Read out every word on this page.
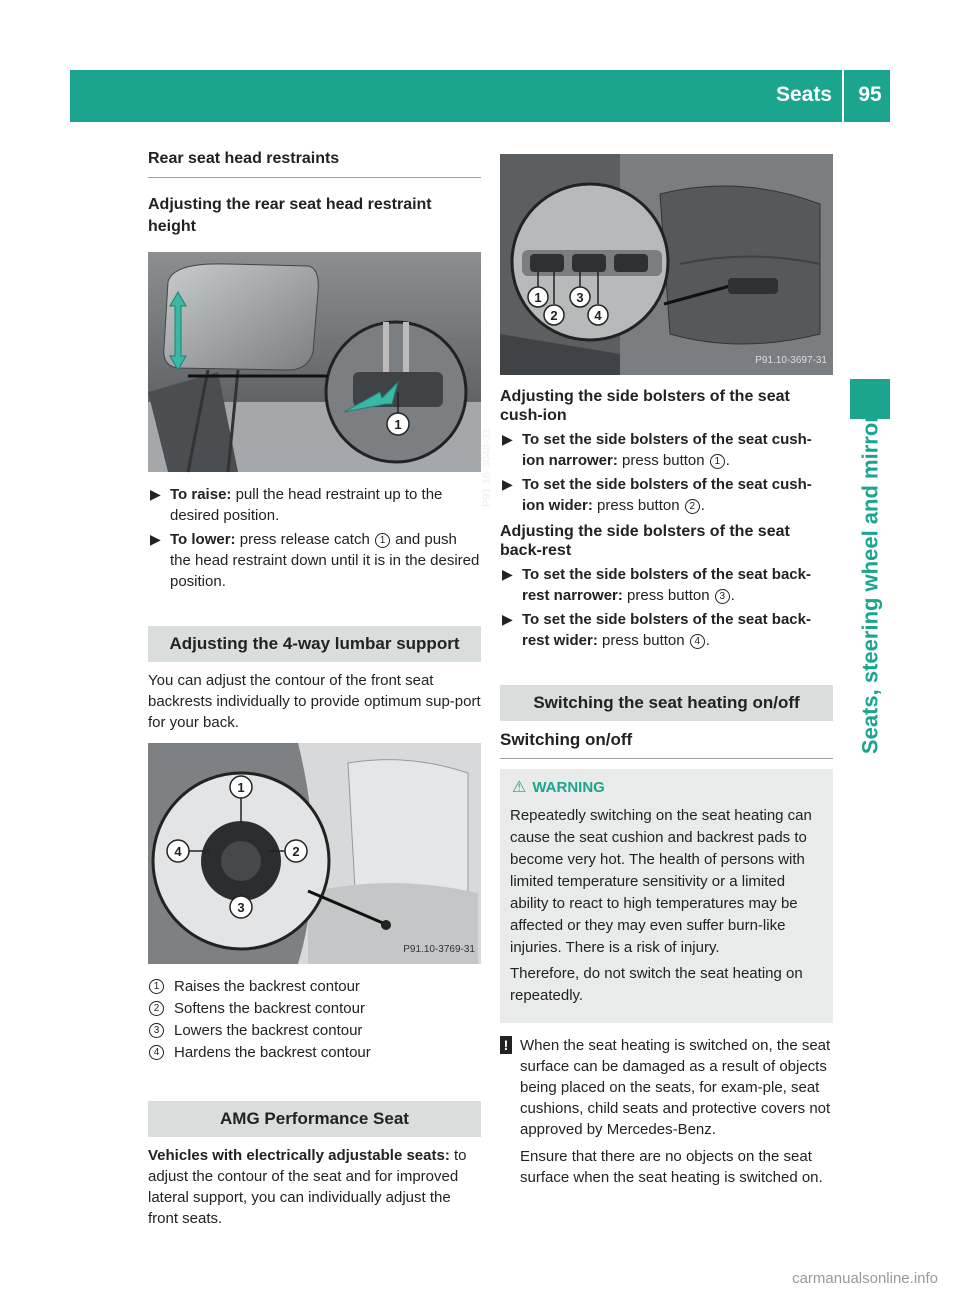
Seats	95
Seats, steering wheel and mirrors
Rear seat head restraints
Adjusting the rear seat head restraint height
1
P91.16-3048-31
▶ To raise: pull the head restraint up to the desired position.
▶ To lower: press release catch 1 and push the head restraint down until it is in the desired position.
Adjusting the 4-way lumbar support

You can adjust the contour of the front seat backrests individually to provide optimum sup-port for your back.

1
2
3
4
P91.10-3769-31
1 Raises the backrest contour
2 Softens the backrest contour
3 Lowers the backrest contour
4 Hardens the backrest contour
AMG Performance Seat

Vehicles with electrically adjustable seats: to adjust the contour of the seat and for improved lateral support, you can individually adjust the front seats.

1
2
3
4
P91.10-3697-31
Adjusting the side bolsters of the seat cush-ion
▶ To set the side bolsters of the seat cush-ion narrower: press button 1 .
▶ To set the side bolsters of the seat cush-ion wider: press button 2 .
Adjusting the side bolsters of the seat back-rest
▶ To set the side bolsters of the seat back-rest narrower: press button 3 .
▶ To set the side bolsters of the seat back-rest wider: press button 4 .
Switching the seat heating on/off
Switching on/off
⚠ WARNING

Repeatedly switching on the seat heating can cause the seat cushion and backrest pads to become very hot. The health of persons with limited temperature sensitivity or a limited ability to react to high temperatures may be affected or they may even suffer burn-like injuries. There is a risk of injury.

Therefore, do not switch the seat heating on repeatedly.

! When the seat heating is switched on, the seat surface can be damaged as a result of objects being placed on the seats, for exam-ple, seat cushions, child seats and protective covers not approved by Mercedes-Benz.

Ensure that there are no objects on the seat surface when the seat heating is switched on.

carmanualsonline.info
